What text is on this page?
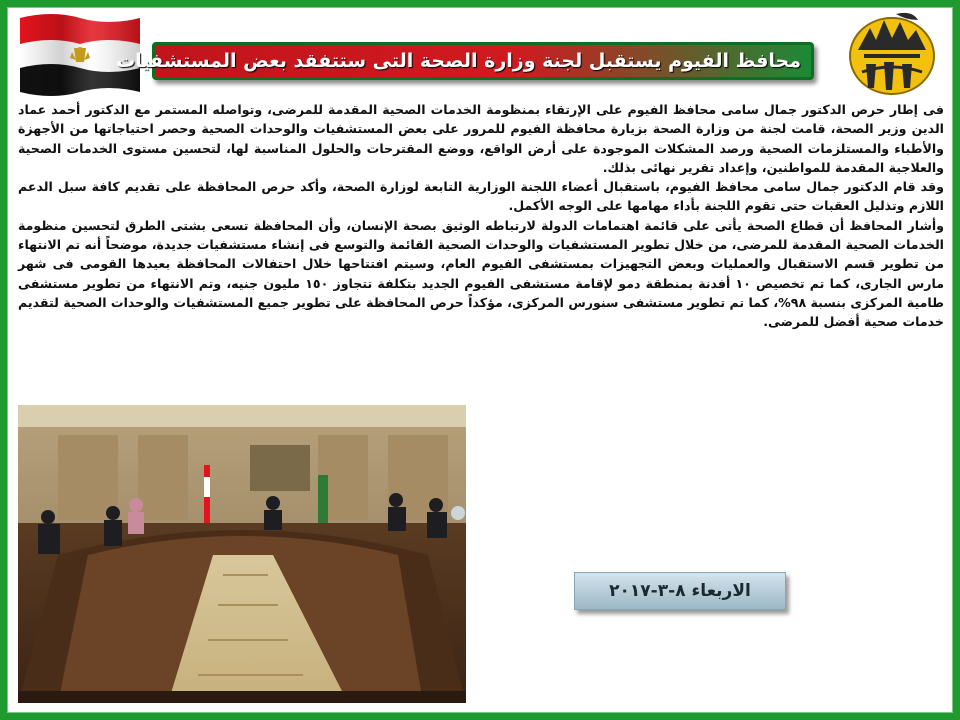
محافظ الفيوم يستقبل لجنة وزارة الصحة التى ستتفقد بعض المستشفيات

فى إطار حرص الدكتور جمال سامى محافظ الفيوم على الإرتقاء بمنظومة الخدمات الصحية المقدمة للمرضى، وتواصله المستمر مع الدكتور أحمد عماد الدين وزير الصحة، قامت لجنة من وزارة الصحة بزيارة محافظة الفيوم للمرور على بعض المستشفيات والوحدات الصحية وحصر احتياجاتها من الأجهزة والأطباء والمستلزمات الصحية ورصد المشكلات الموجودة على أرض الواقع، ووضع المقترحات والحلول المناسبة لها، لتحسين مستوى الخدمات الصحية والعلاجية المقدمة للمواطنين، وإعداد تقرير نهائى بذلك.

وقد قام الدكتور جمال سامى محافظ الفيوم، باستقبال أعضاء اللجنة الوزارية التابعة لوزارة الصحة، وأكد حرص المحافظة على تقديم كافة سبل الدعم اللازم وتذليل العقبات حتى تقوم اللجنة بأداء مهامها على الوجه الأكمل.

وأشار المحافظ أن قطاع الصحة يأتى على قائمة اهتمامات الدولة لارتباطه الوثيق بصحة الإنسان، وأن المحافظة تسعى بشتى الطرق لتحسين منظومة الخدمات الصحية المقدمة للمرضى، من خلال تطوير المستشفيات والوحدات الصحية القائمة والتوسع فى إنشاء مستشفيات جديدة، موضحاً أنه تم الانتهاء من تطوير قسم الاستقبال والعمليات وبعض التجهيزات بمستشفى الفيوم العام، وسيتم افتتاحها خلال احتفالات المحافظة بعيدها القومى فى شهر مارس الجارى، كما تم تخصيص ١٠ أفدنة بمنطقة دمو لإقامة مستشفى الفيوم الجديد بتكلفة تتجاوز ١٥٠ مليون جنيه، وتم الانتهاء من تطوير مستشفى طامية المركزى بنسبة ٩٨%، كما تم تطوير مستشفى سنورس المركزى، مؤكداً حرص المحافظة على تطوير جميع المستشفيات والوحدات الصحية لتقديم خدمات صحية أفضل للمرضى.

الاربعاء ٨-٣-٢٠١٧
